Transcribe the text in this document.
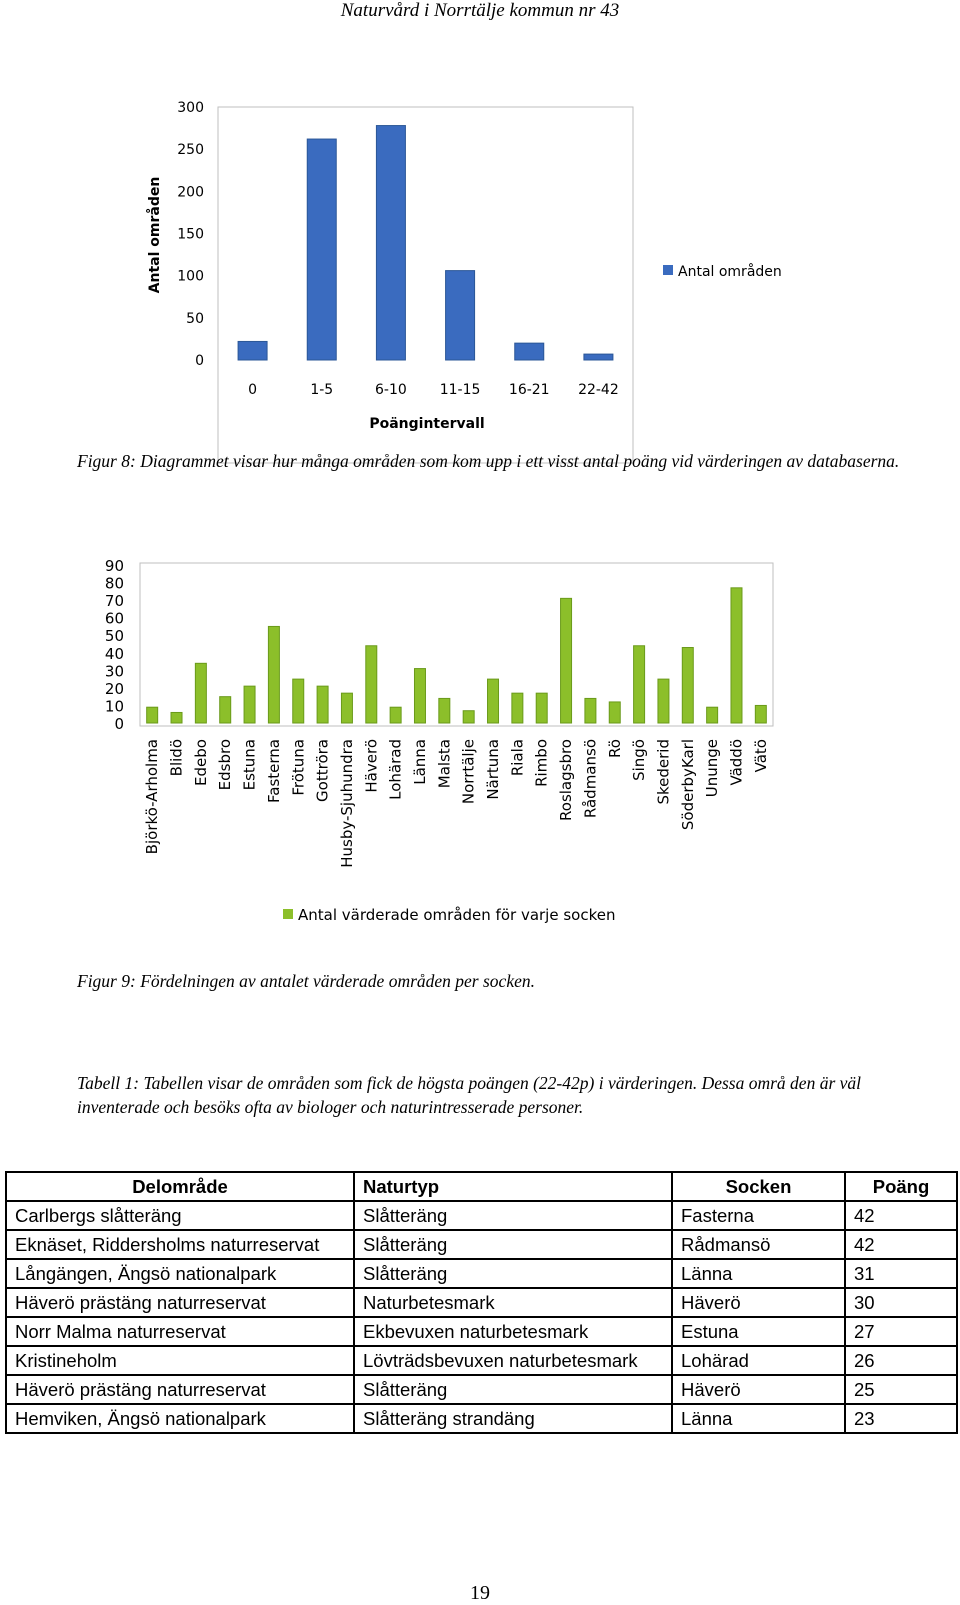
Naturvård i Norrtälje kommun nr 43
Antal områden
Poängintervall
0
50
100
150
200
250
300
0	1-5	6-10 11-15 16-21 22-42
Antal områden
Figur 8: Diagrammet visar hur många områden som kom upp i ett visst antal poäng vid värderingen av databaserna.
0
10
20
30
40
50
60
70
80
90
Björkö-Arholma Blidö Edebo Edsbro Estuna Fasterna Frötuna Gottröra Husby-Sjuhundra Häverö Lohärad Länna Malsta Norrtälje Närtuna Riala Rimbo Roslagsbro Rådmansö Rö Singö Skederid SöderbyKarl Ununge Väddö Vätö
Antal värderade områden för varje socken
Figur 9: Fördelningen av antalet värderade områden per socken.
Tabell 1: Tabellen visar de områden som fick de högsta poängen (22-42p) i värderingen. Dessa områ den är väl inventerade och besöks ofta av biologer och naturintresserade personer.
Delområde	Naturtyp	Socken	Poäng
Carlbergs slåtteräng	Slåtteräng	Fasterna	42
Eknäset, Riddersholms naturreservat	Slåtteräng	Rådmansö	42
Långängen, Ängsö nationalpark	Slåtteräng	Länna	31
Häverö prästäng naturreservat	Naturbetesmark	Häverö	30
Norr Malma naturreservat	Ekbevuxen naturbetesmark	Estuna	27
Kristineholm	Lövträdsbevuxen naturbetesmark	Lohärad	26
Häverö prästäng naturreservat	Slåtteräng	Häverö	25
Hemviken, Ängsö nationalpark	Slåtteräng strandäng	Länna	23
19
